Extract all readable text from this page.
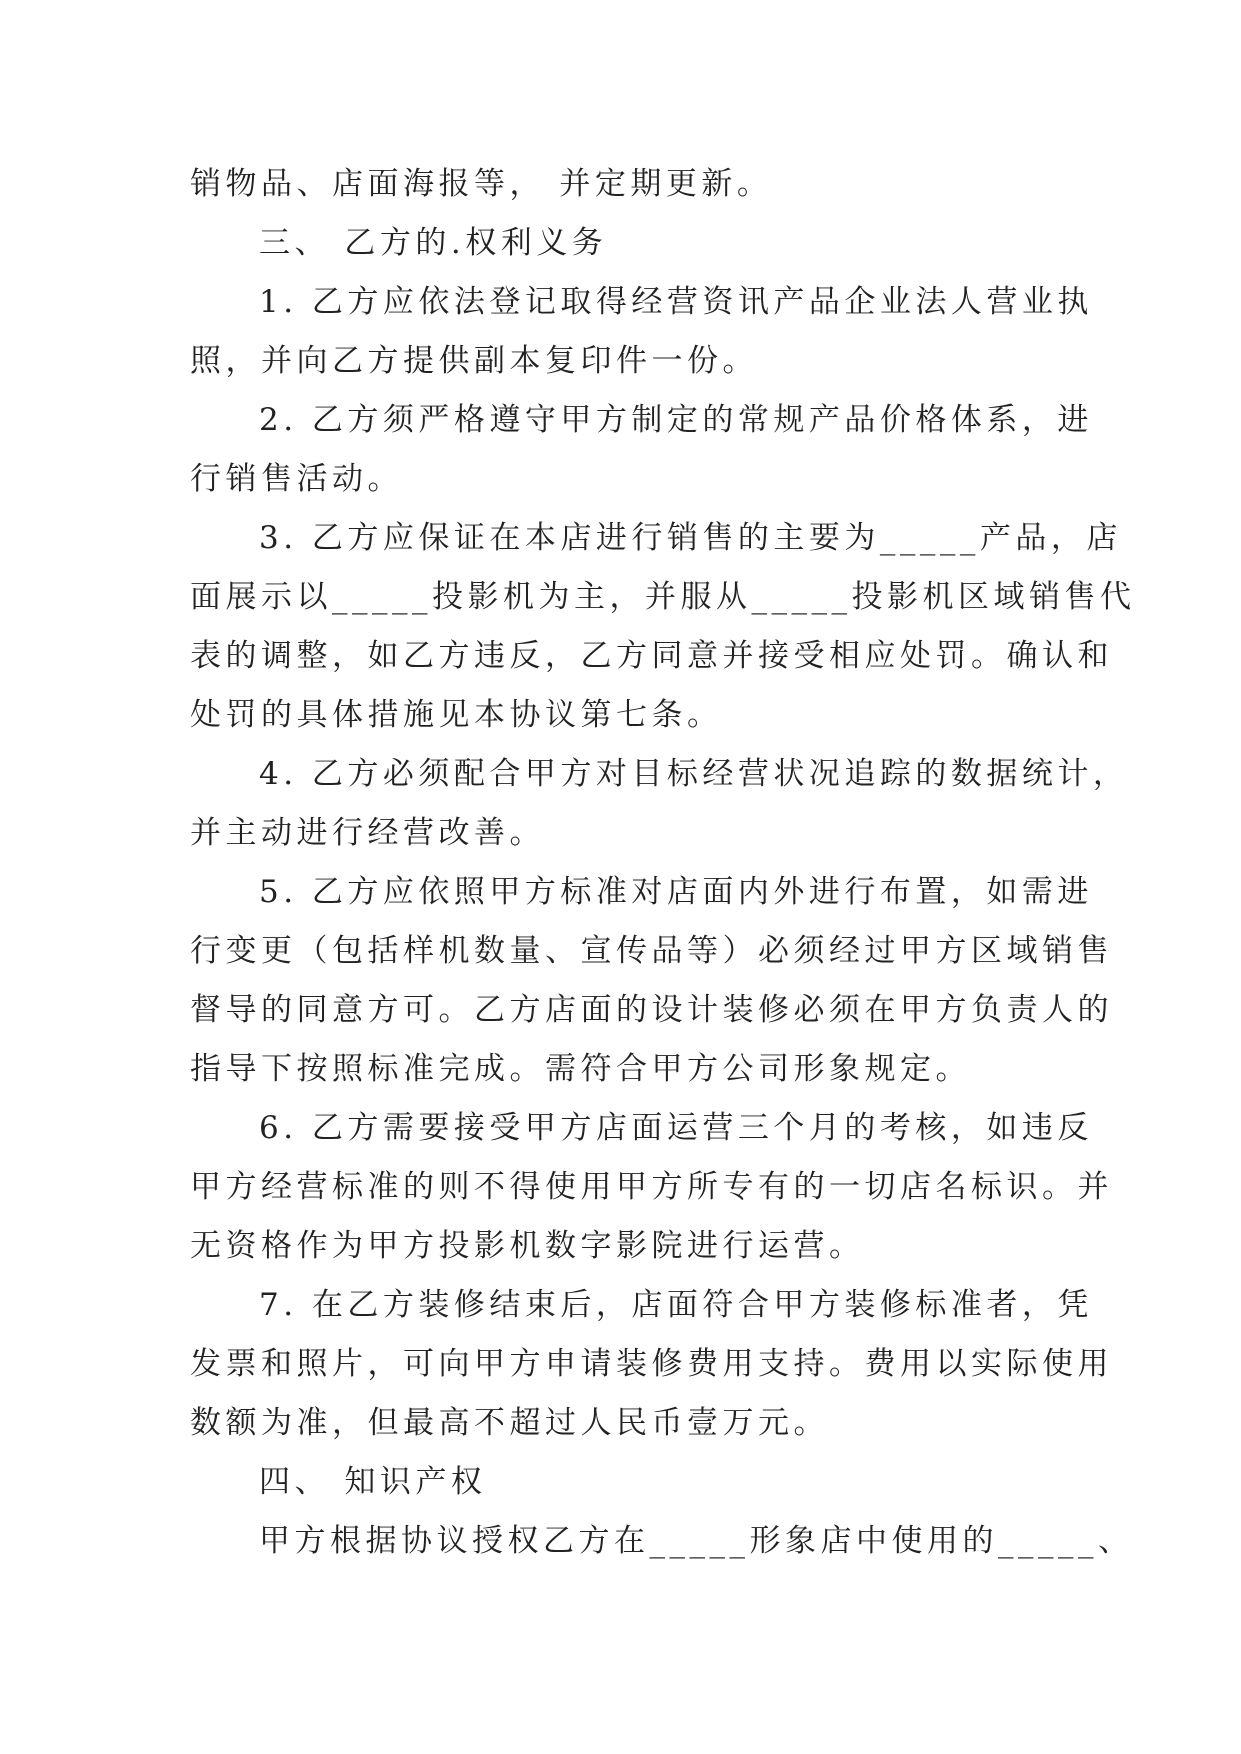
销物品、店面海报等， 并定期更新。
三、 乙方的.权利义务
1. 乙方应依法登记取得经营资讯产品企业法人营业执
照，并向乙方提供副本复印件一份。
2. 乙方须严格遵守甲方制定的常规产品价格体系，进
行销售活动。
3. 乙方应保证在本店进行销售的主要为_____产品，店
面展示以_____投影机为主，并服从_____投影机区域销售代
表的调整，如乙方违反，乙方同意并接受相应处罚。确认和
处罚的具体措施见本协议第七条。
4. 乙方必须配合甲方对目标经营状况追踪的数据统计，
并主动进行经营改善。
5. 乙方应依照甲方标准对店面内外进行布置，如需进
行变更（包括样机数量、宣传品等）必须经过甲方区域销售
督导的同意方可。乙方店面的设计装修必须在甲方负责人的
指导下按照标准完成。需符合甲方公司形象规定。
6. 乙方需要接受甲方店面运营三个月的考核，如违反
甲方经营标准的则不得使用甲方所专有的一切店名标识。并
无资格作为甲方投影机数字影院进行运营。
7. 在乙方装修结束后，店面符合甲方装修标准者，凭
发票和照片，可向甲方申请装修费用支持。费用以实际使用
数额为准，但最高不超过人民币壹万元。
四、 知识产权
甲方根据协议授权乙方在_____形象店中使用的_____、
